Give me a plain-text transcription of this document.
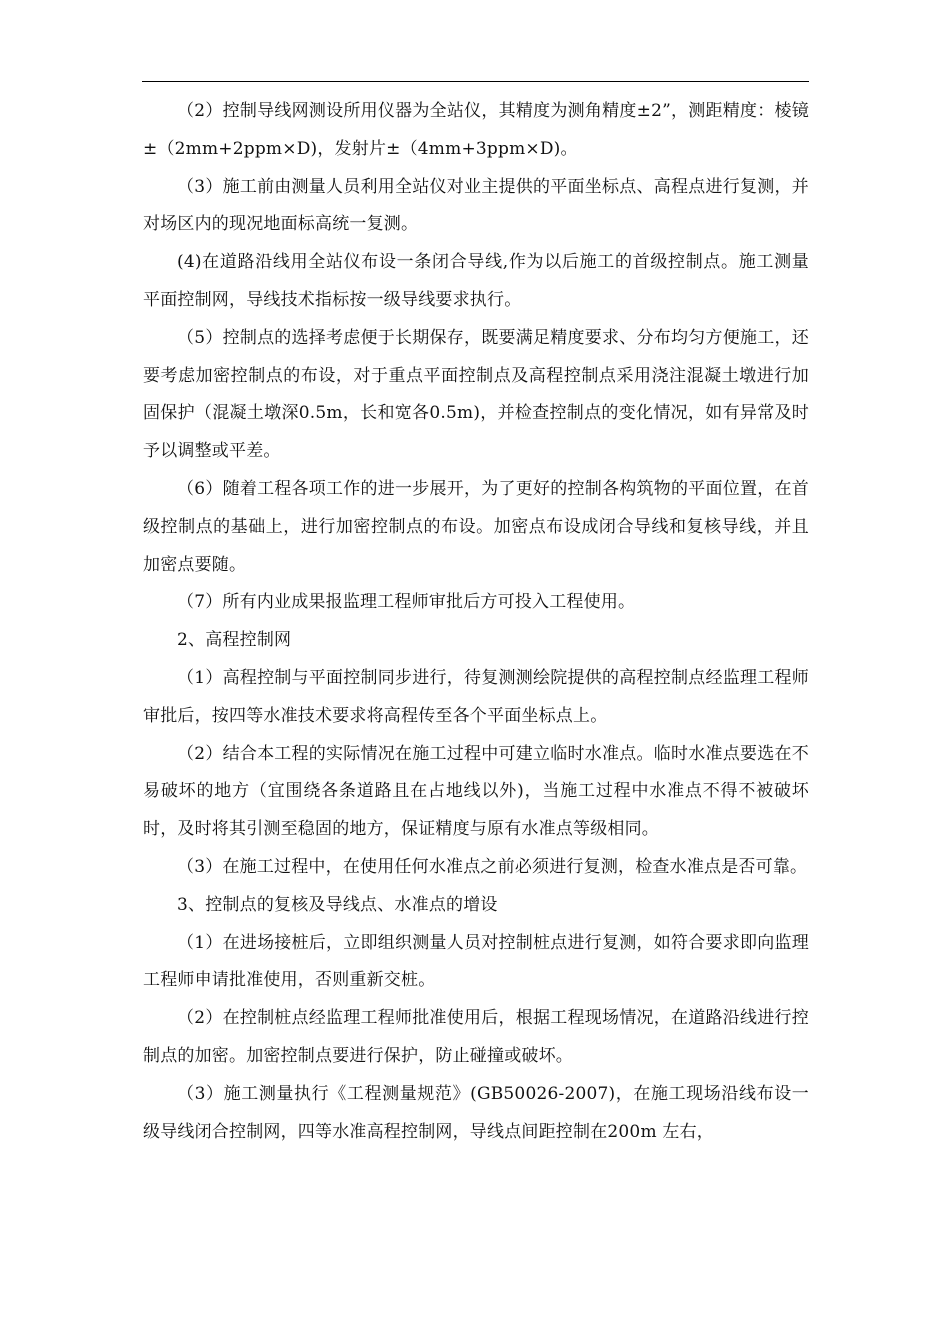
（2）控制导线网测设所用仪器为全站仪，其精度为测角精度±2”，测距精度：棱镜±（2mm+2ppm×D)，发射片±（4mm+3ppm×D)。

（3）施工前由测量人员利用全站仪对业主提供的平面坐标点、高程点进行复测，并对场区内的现况地面标高统一复测。

(4)在道路沿线用全站仪布设一条闭合导线,作为以后施工的首级控制点。施工测量平面控制网，导线技术指标按一级导线要求执行。

（5）控制点的选择考虑便于长期保存，既要满足精度要求、分布均匀方便施工，还要考虑加密控制点的布设，对于重点平面控制点及高程控制点采用浇注混凝土墩进行加固保护（混凝土墩深0.5m，长和宽各0.5m)，并检查控制点的变化情况，如有异常及时予以调整或平差。

（6）随着工程各项工作的进一步展开，为了更好的控制各构筑物的平面位置，在首级控制点的基础上，进行加密控制点的布设。加密点布设成闭合导线和复核导线，并且加密点要随。

（7）所有内业成果报监理工程师审批后方可投入工程使用。

2、高程控制网

（1）高程控制与平面控制同步进行，待复测测绘院提供的高程控制点经监理工程师审批后，按四等水准技术要求将高程传至各个平面坐标点上。

（2）结合本工程的实际情况在施工过程中可建立临时水准点。临时水准点要选在不易破坏的地方（宜围绕各条道路且在占地线以外)，当施工过程中水准点不得不被破坏时，及时将其引测至稳固的地方，保证精度与原有水准点等级相同。

（3）在施工过程中，在使用任何水准点之前必须进行复测，检查水准点是否可靠。

3、控制点的复核及导线点、水准点的增设

（1）在进场接桩后，立即组织测量人员对控制桩点进行复测，如符合要求即向监理工程师申请批准使用，否则重新交桩。

（2）在控制桩点经监理工程师批准使用后，根据工程现场情况，在道路沿线进行控制点的加密。加密控制点要进行保护，防止碰撞或破坏。

（3）施工测量执行《工程测量规范》(GB50026-2007)，在施工现场沿线布设一级导线闭合控制网，四等水准高程控制网，导线点间距控制在200m 左右，
